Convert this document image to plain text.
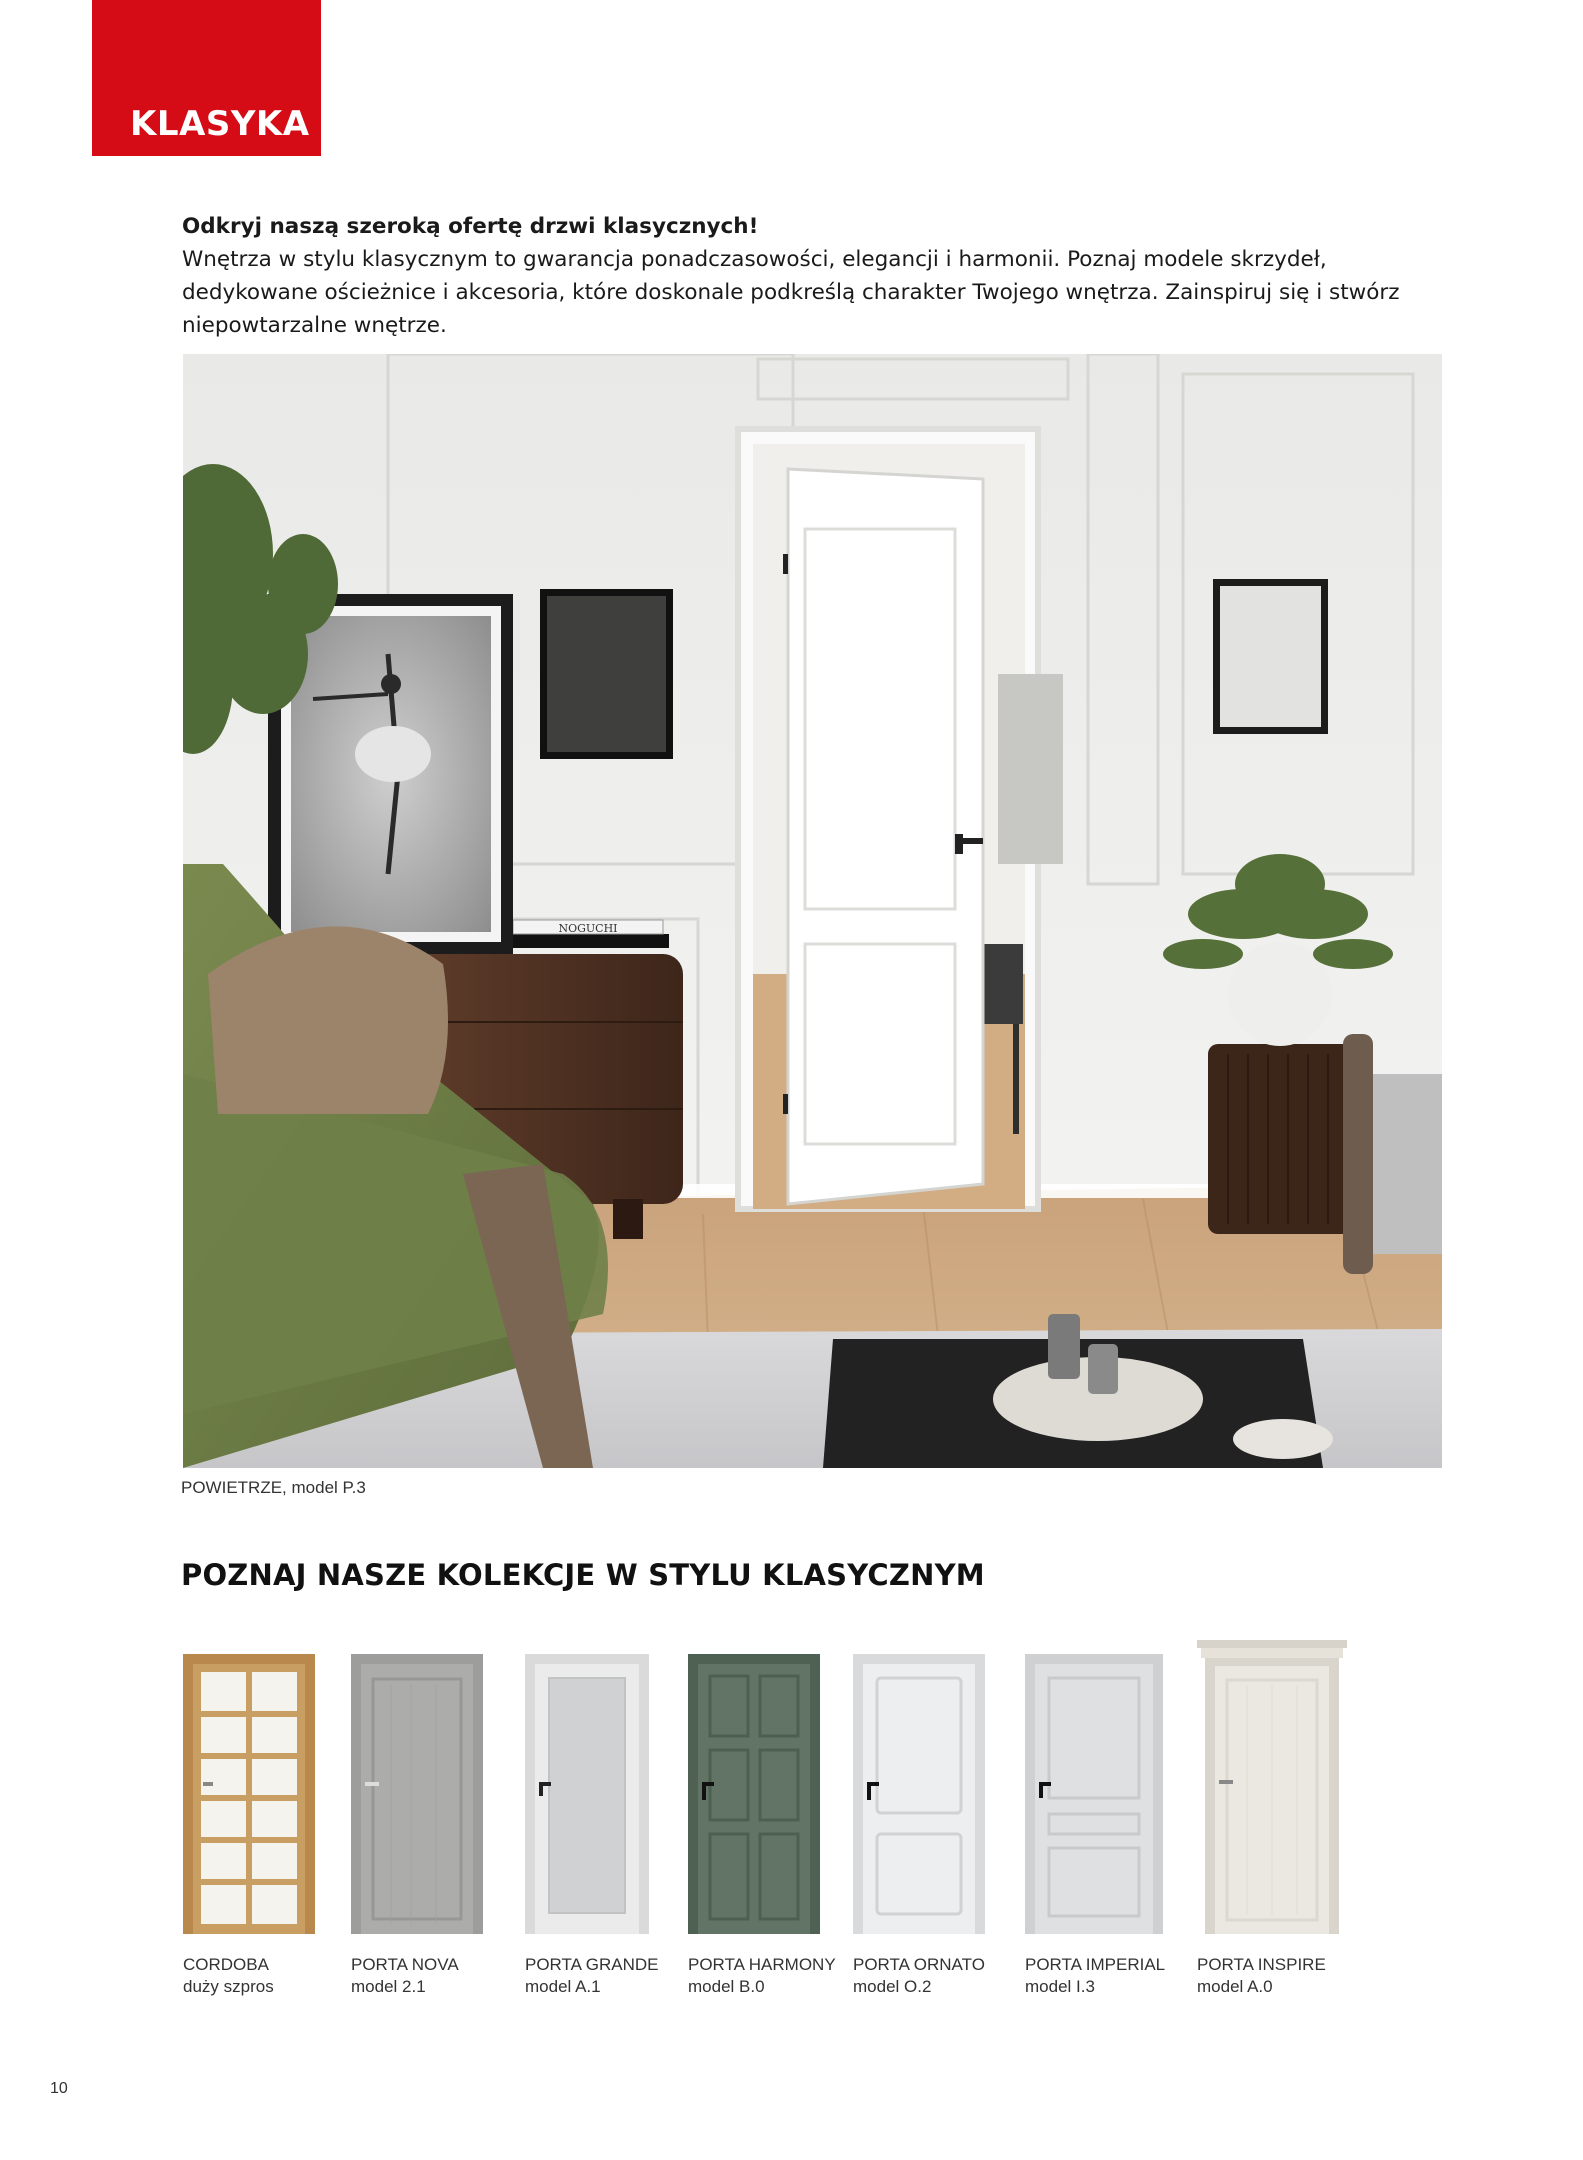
KLASYKA
Odkryj naszą szeroką ofertę drzwi klasycznych!
Wnętrza w stylu klasycznym to gwarancja ponadczasowości, elegancji i harmonii. Poznaj modele skrzydeł, dedykowane ościeżnice i akcesoria, które doskonale podkreślą charakter Twojego wnętrza. Zainspiruj się i stwórz niepowtarzalne wnętrze.
NOGUCHI
POWIETRZE, model P.3
POZNAJ NASZE KOLEKCJE W STYLU KLASYCZNYM
CORDOBA
duży szpros
PORTA NOVA
model 2.1
PORTA GRANDE
model A.1
PORTA HARMONY
model B.0
PORTA ORNATO
model O.2
PORTA IMPERIAL
model I.3
PORTA INSPIRE
model A.0
10
